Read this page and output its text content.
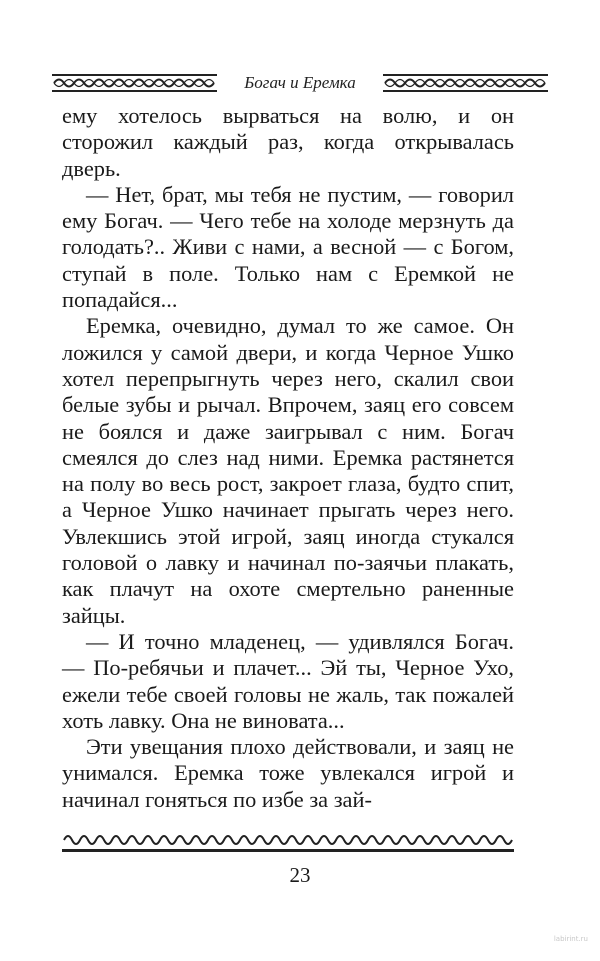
Богач и Еремка

ему хотелось вырваться на волю, и он сторожил каждый раз, когда открывалась дверь.

— Нет, брат, мы тебя не пустим, — говорил ему Богач. — Чего тебе на холоде мерзнуть да голодать?.. Живи с нами, а весной — с Богом, ступай в поле. Только нам с Еремкой не попадайся...

Еремка, очевидно, думал то же самое. Он ложился у самой двери, и когда Черное Ушко хотел перепрыгнуть через него, скалил свои белые зубы и рычал. Впрочем, заяц его совсем не боялся и даже заигрывал с ним. Богач смеялся до слез над ними. Еремка растянется на полу во весь рост, закроет глаза, будто спит, а Черное Ушко начинает прыгать через него. Увлекшись этой игрой, заяц иногда стукался головой о лавку и начинал по-заячьи плакать, как плачут на охоте смертельно раненные зайцы.

— И точно младенец, — удивлялся Богач. — По-ребячьи и плачет... Эй ты, Черное Ухо, ежели тебе своей головы не жаль, так пожалей хоть лавку. Она не виновата...

Эти увещания плохо действовали, и заяц не унимался. Еремка тоже увлекался игрой и начинал гоняться по избе за зай-

23
labirint.ru
